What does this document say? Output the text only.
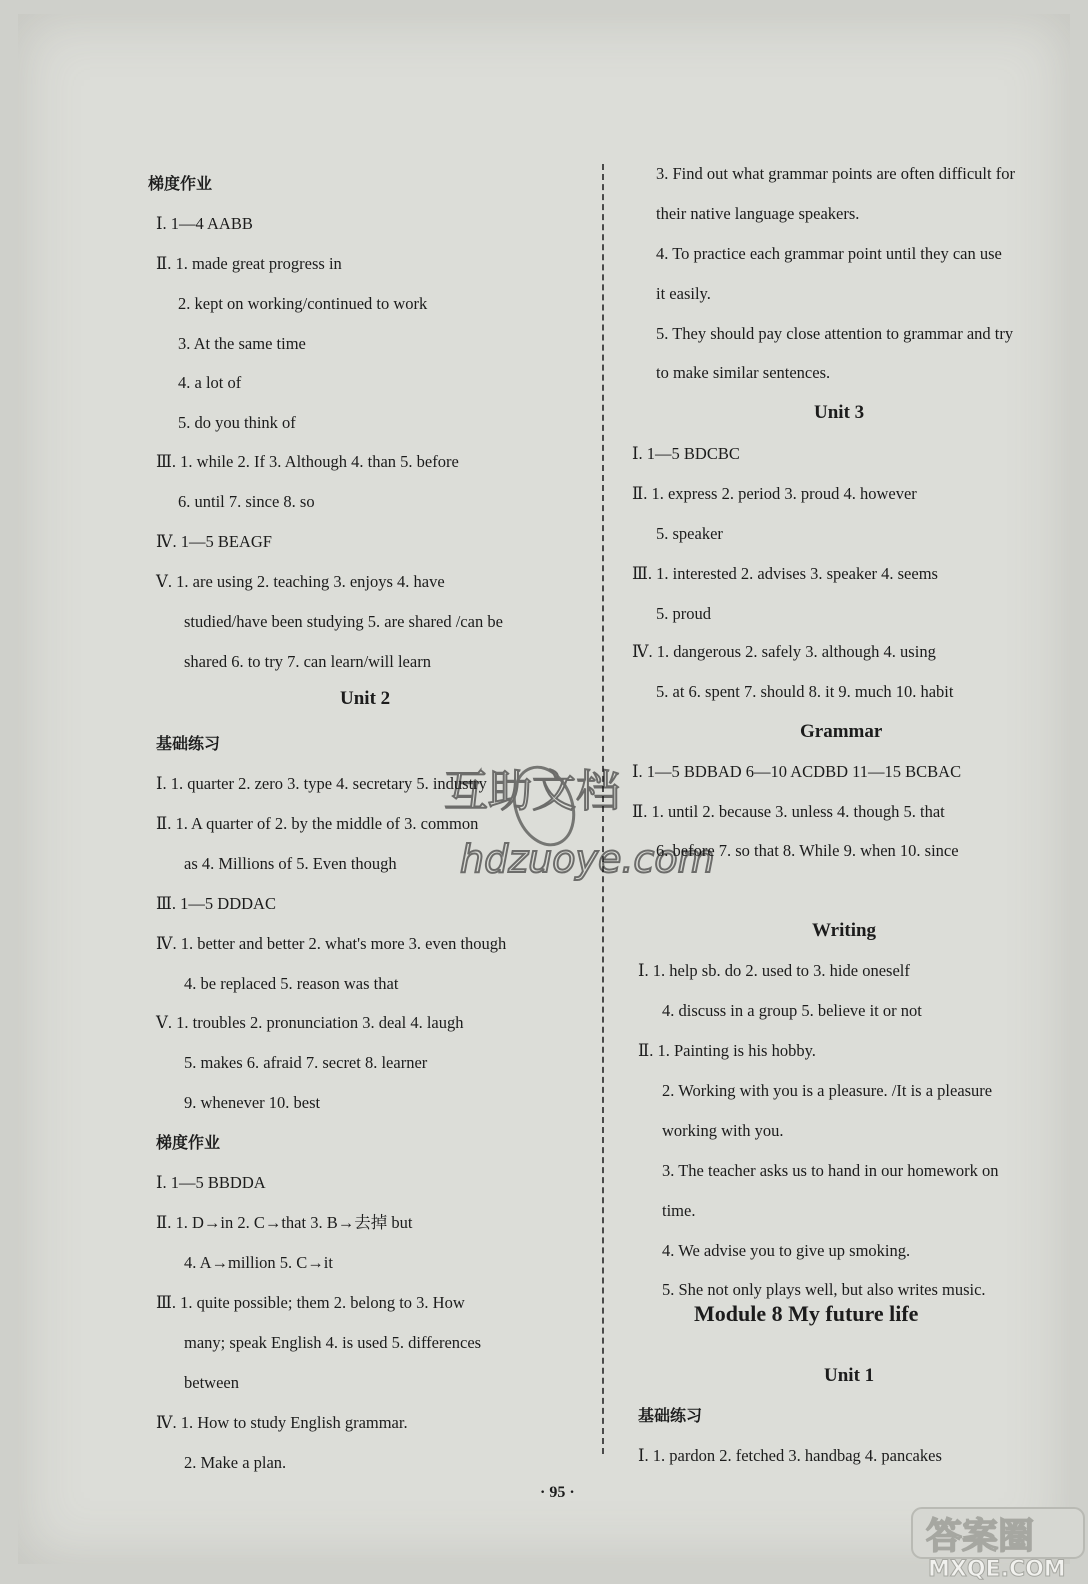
梯度作业
Ⅰ. 1—4 AABB
Ⅱ. 1. made great progress in
2. kept on working/continued to work
3. At the same time
4. a lot of
5. do you think of
Ⅲ. 1. while 2. If 3. Although 4. than 5. before
6. until 7. since 8. so
Ⅳ. 1—5 BEAGF
Ⅴ. 1. are using 2. teaching 3. enjoys 4. have
studied/have been studying 5. are shared /can be
shared 6. to try 7. can learn/will learn
基础练习
Ⅰ. 1. quarter 2. zero 3. type 4. secretary 5. industry
Ⅱ. 1. A quarter of 2. by the middle of 3. common
as 4. Millions of 5. Even though
Ⅲ. 1—5 DDDAC
Ⅳ. 1. better and better 2. what's more 3. even though
4. be replaced 5. reason was that
Ⅴ. 1. troubles 2. pronunciation 3. deal 4. laugh
5. makes 6. afraid 7. secret 8. learner
9. whenever 10. best
梯度作业
Ⅰ. 1—5 BBDDA
Ⅱ. 1. D→in 2. C→that 3. B→去掉 but
4. A→million 5. C→it
Ⅲ. 1. quite possible; them 2. belong to 3. How
many; speak English 4. is used 5. differences
between
Ⅳ. 1. How to study English grammar.
2. Make a plan.
Unit 2
3. Find out what grammar points are often difficult for
their native language speakers.
4. To practice each grammar point until they can use
it easily.
5. They should pay close attention to grammar and try
to make similar sentences.
Ⅰ. 1—5 BDCBC
Ⅱ. 1. express 2. period 3. proud 4. however
5. speaker
Ⅲ. 1. interested 2. advises 3. speaker 4. seems
5. proud
Ⅳ. 1. dangerous 2. safely 3. although 4. using
5. at 6. spent 7. should 8. it 9. much 10. habit
Ⅰ. 1—5 BDBAD 6—10 ACDBD 11—15 BCBAC
Ⅱ. 1. until 2. because 3. unless 4. though 5. that
6. before 7. so that 8. While 9. when 10. since
Ⅰ. 1. help sb. do 2. used to 3. hide oneself
4. discuss in a group 5. believe it or not
Ⅱ. 1. Painting is his hobby.
2. Working with you is a pleasure. /It is a pleasure
working with you.
3. The teacher asks us to hand in our homework on
time.
4. We advise you to give up smoking.
5. She not only plays well, but also writes music.
基础练习
Ⅰ. 1. pardon 2. fetched 3. handbag 4. pancakes
Unit 3
Grammar
Writing
Unit 1
Module 8 My future life
· 95 ·
互助文档
hdzuoye.com
答案圈
MXQE.COM
